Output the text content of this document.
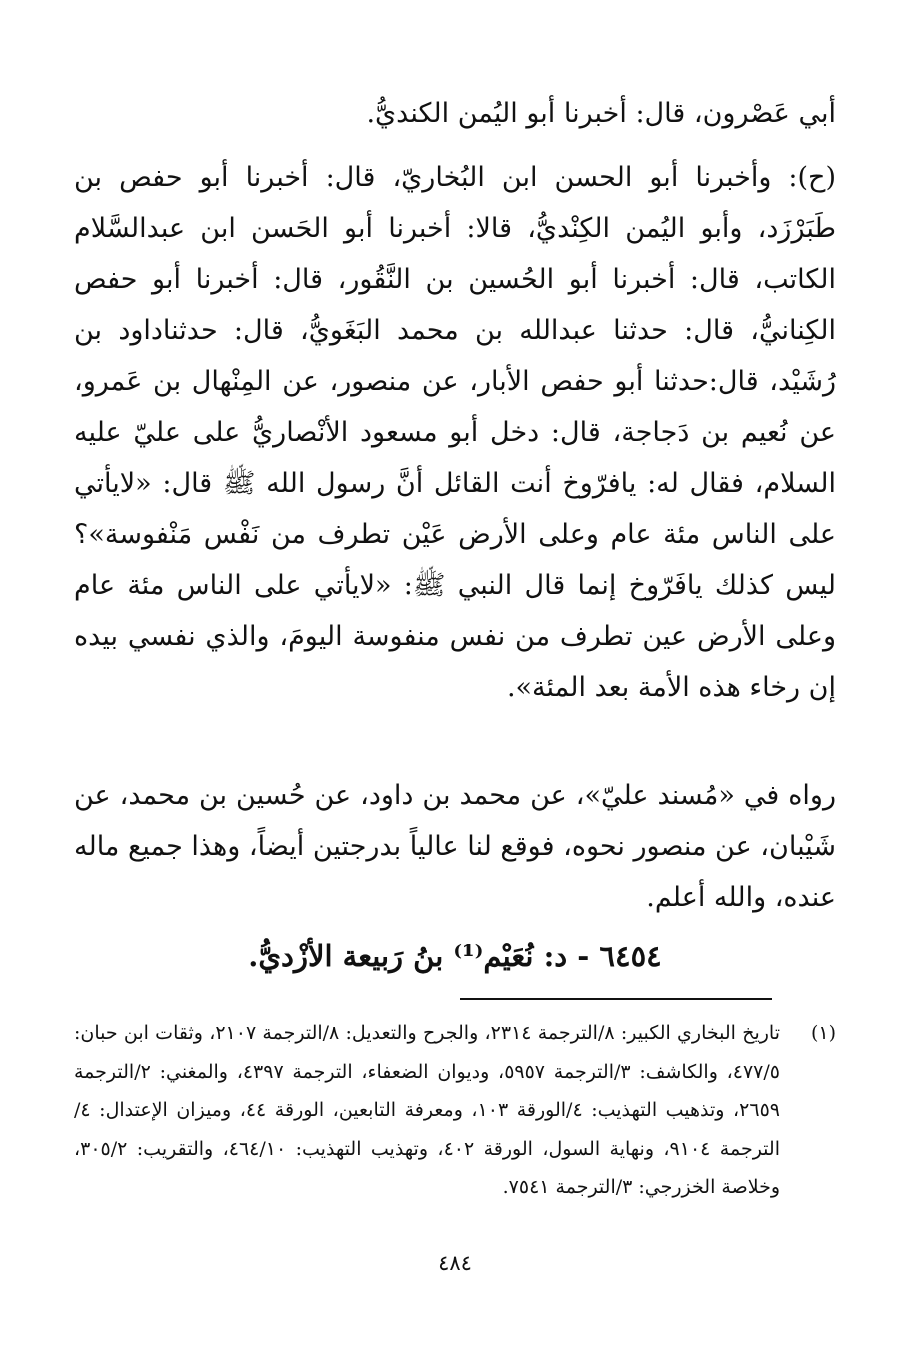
أبي عَصْرون، قال: أخبرنا أبو اليُمن الكنديُّ.

(ح): وأخبرنا أبو الحسن ابن البُخاريّ، قال: أخبرنا أبو حفص بن طَبَرْزَد، وأبو اليُمن الكِنْديُّ، قالا: أخبرنا أبو الحَسن ابن عبدالسَّلام الكاتب، قال: أخبرنا أبو الحُسين بن النَّقُور، قال: أخبرنا أبو حفص الكِنانيُّ، قال: حدثنا عبدالله بن محمد البَغَويُّ، قال: حدثناداود بن رُشَيْد، قال:حدثنا أبو حفص الأبار، عن منصور، عن المِنْهال بن عَمرو، عن نُعيم بن دَجاجة، قال: دخل أبو مسعود الأنْصاريُّ على عليّ عليه السلام، فقال له: يافرّوخ أنت القائل أنَّ رسول الله ﷺ قال: «لايأتي على الناس مئة عام وعلى الأرض عَيْن تطرف من نَفْس مَنْفوسة»؟ ليس كذلك يافَرّوخ إنما قال النبي ﷺ: «لايأتي على الناس مئة عام وعلى الأرض عين تطرف من نفس منفوسة اليومَ، والذي نفسي بيده إن رخاء هذه الأمة بعد المئة».

رواه في «مُسند عليّ»، عن محمد بن داود، عن حُسين بن محمد، عن شَيْبان، عن منصور نحوه، فوقع لنا عالياً بدرجتين أيضاً، وهذا جميع ماله عنده، والله أعلم.

٦٤٥٤ - د: نُعَيْم⁽¹⁾ بنُ رَبيعة الأزْديُّ.
(١)
تاريخ البخاري الكبير: ٨/الترجمة ٢٣١٤، والجرح والتعديل: ٨/الترجمة ٢١٠٧، وثقات ابن حبان: ٤٧٧/٥، والكاشف: ٣/الترجمة ٥٩٥٧، وديوان الضعفاء، الترجمة ٤٣٩٧، والمغني: ٢/الترجمة ٢٦٥٩، وتذهيب التهذيب: ٤/الورقة ١٠٣، ومعرفة التابعين، الورقة ٤٤، وميزان الإعتدال: ٤/الترجمة ٩١٠٤، ونهاية السول، الورقة ٤٠٢، وتهذيب التهذيب: ٤٦٤/١٠، والتقريب: ٣٠٥/٢، وخلاصة الخزرجي: ٣/الترجمة ٧٥٤١.
٤٨٤
